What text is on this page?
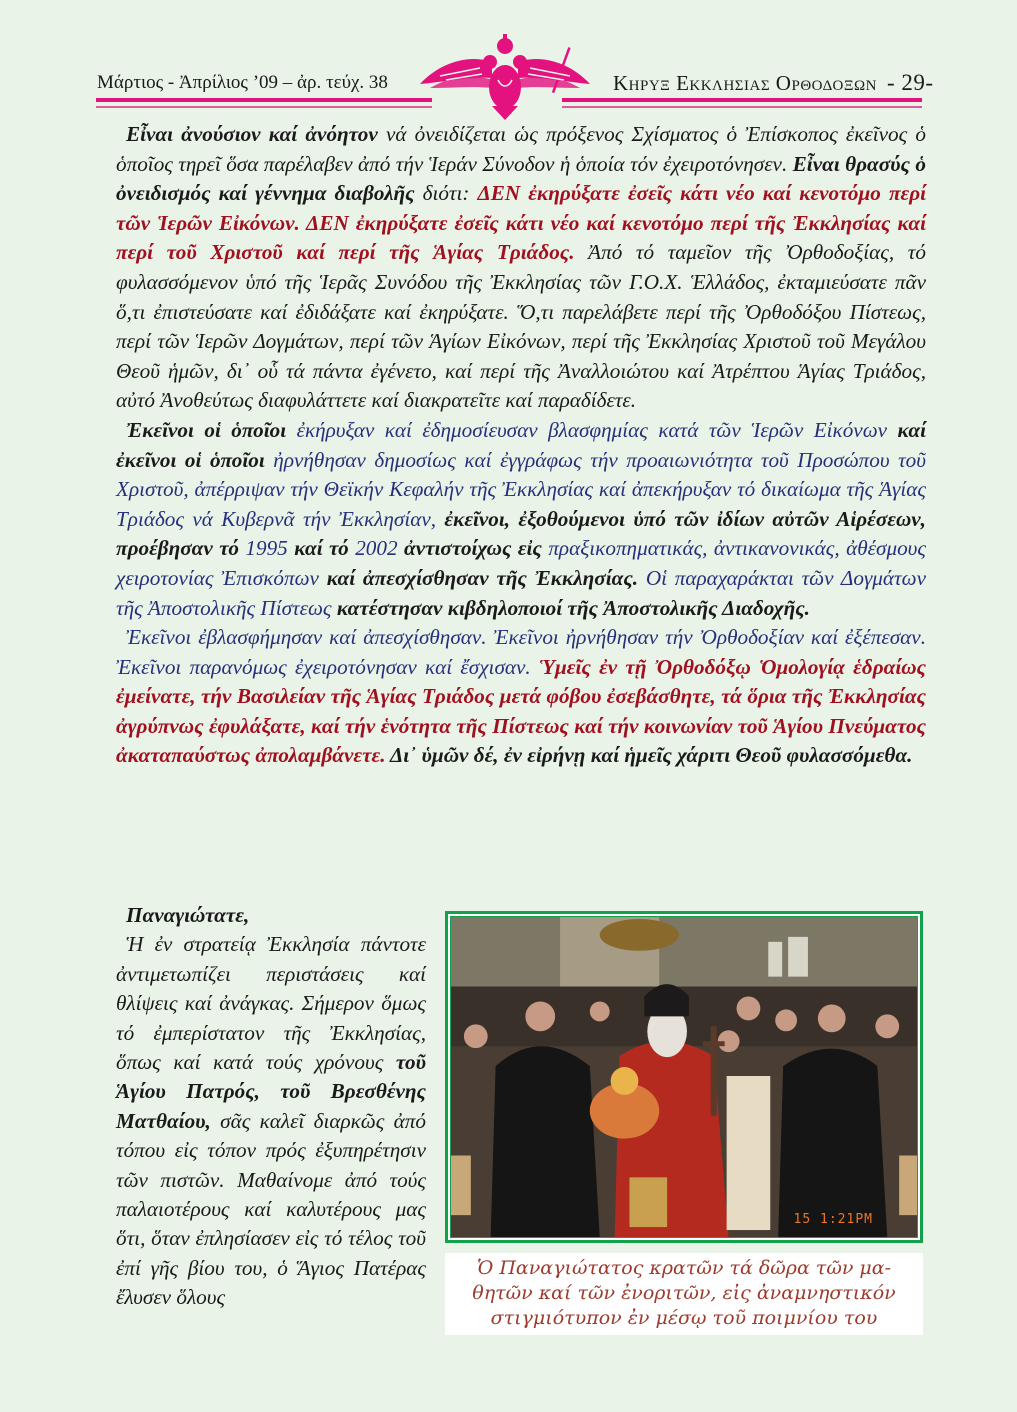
Μάρτιος - Ἀπρίλιος ’09 – ἀρ. τεύχ. 38	Κηρυξ Εκκλησιας Ορθοδοξων - 29-

Εἶναι ἀνούσιον καί ἀνόητον νά ὀνειδίζεται ὡς πρόξενος Σχίσματος ὁ Ἐπίσκοπος ἐκεῖνος ὁ ὁποῖος τηρεῖ ὅσα παρέλαβεν ἀπό τήν Ἱεράν Σύνοδον ἡ ὁποία τόν ἐχειροτόνησεν. Εἶναι θρασύς ὁ ὀνειδισμός καί γέννημα διαβολῆς διότι: ΔΕΝ ἐκηρύξατε ἐσεῖς κάτι νέο καί κενοτόμο περί τῶν Ἱερῶν Εἰκόνων. ΔΕΝ ἐκηρύξατε ἐσεῖς κάτι νέο καί κενοτόμο περί τῆς Ἐκκλησίας καί περί τοῦ Χριστοῦ καί περί τῆς Ἁγίας Τριάδος. Ἀπό τό ταμεῖον τῆς Ὀρθοδοξίας, τό φυλασσόμενον ὑπό τῆς Ἱερᾶς Συνόδου τῆς Ἐκκλησίας τῶν Γ.Ο.Χ. Ἑλλάδος, ἐκταμιεύσατε πᾶν ὅ,τι ἐπιστεύσατε καί ἐδιδάξατε καί ἐκηρύξατε. Ὅ,τι παρελάβετε περί τῆς Ὀρθοδόξου Πίστεως, περί τῶν Ἱερῶν Δογμάτων, περί τῶν Ἁγίων Εἰκόνων, περί τῆς Ἐκκλησίας Χριστοῦ τοῦ Μεγάλου Θεοῦ ἡμῶν, δι᾿ οὗ τά πάντα ἐγένετο, καί περί τῆς Ἀναλλοιώτου καί Ἀτρέπτου Ἁγίας Τριάδος, αὐτό Ἀνοθεύτως διαφυλάττετε καί διακρατεῖτε καί παραδίδετε.

Ἐκεῖνοι οἱ ὁποῖοι ἐκήρυξαν καί ἐδημοσίευσαν βλασφημίας κατά τῶν Ἱερῶν Εἰκόνων καί ἐκεῖνοι οἱ ὁποῖοι ἠρνήθησαν δημοσίως καί ἐγγράφως τήν προαιωνιότητα τοῦ Προσώπου τοῦ Χριστοῦ, ἀπέρριψαν τήν Θεϊκήν Κεφαλήν τῆς Ἐκκλησίας καί ἀπεκήρυξαν τό δικαίωμα τῆς Ἁγίας Τριάδος νά Κυβερνᾶ τήν Ἐκκλησίαν, ἐκεῖνοι, ἐξοθούμενοι ὑπό τῶν ἰδίων αὐτῶν Αἱρέσεων, προέβησαν τό 1995 καί τό 2002 ἀντιστοίχως εἰς πραξικοπηματικάς, ἀντικανονικάς, ἀθέσμους χειροτονίας Ἐπισκόπων καί ἀπεσχίσθησαν τῆς Ἐκκλησίας. Οἱ παραχαράκται τῶν Δογμάτων τῆς Ἀποστολικῆς Πίστεως κατέστησαν κιβδηλοποιοί τῆς Ἀποστολικῆς Διαδοχῆς.

Ἐκεῖνοι ἐβλασφήμησαν καί ἀπεσχίσθησαν. Ἐκεῖνοι ἠρνήθησαν τήν Ὀρθοδοξίαν καί ἐξέπεσαν. Ἐκεῖνοι παρανόμως ἐχειροτόνησαν καί ἔσχισαν. Ὑμεῖς ἐν τῇ Ὀρθοδόξῳ Ὁμολογίᾳ ἑδραίως ἐμείνατε, τήν Βασιλείαν τῆς Ἁγίας Τριάδος μετά φόβου ἐσεβάσθητε, τά ὅρια τῆς Ἐκκλησίας ἀγρύπνως ἐφυλάξατε, καί τήν ἑνότητα τῆς Πίστεως καί τήν κοινωνίαν τοῦ Ἁγίου Πνεύματος ἀκαταπαύστως ἀπολαμβάνετε. Δι᾿ ὑμῶν δέ, ἐν εἰρήνῃ καί ἡμεῖς χάριτι Θεοῦ φυλασσόμεθα.

Παναγιώτατε,

Ἡ ἐν στρατείᾳ Ἐκκλησία πάντοτε ἀντιμετωπίζει περιστάσεις καί θλίψεις καί ἀνάγκας. Σήμερον ὅμως τό ἐμπερίστατον τῆς Ἐκκλησίας, ὅπως καί κατά τούς χρόνους τοῦ Ἁγίου Πατρός, τοῦ Βρεσθένης Ματθαίου, σᾶς καλεῖ διαρκῶς ἀπό τόπου εἰς τόπον πρός ἐξυπηρέτησιν τῶν πιστῶν. Μαθαίνομε ἀπό τούς παλαιοτέρους καί καλυτέρους μας ὅτι, ὅταν ἐπλησίασεν εἰς τό τέλος τοῦ ἐπί γῆς βίου του, ὁ Ἅγιος Πατέρας ἔλυσεν ὅλους

15 1:21PM
Ὁ Παναγιώτατος κρατῶν τά δῶρα τῶν μα-
θητῶν καί τῶν ἐνοριτῶν, εἰς ἀναμνηστικόν
στιγμιότυπον ἐν μέσῳ τοῦ ποιμνίου του
